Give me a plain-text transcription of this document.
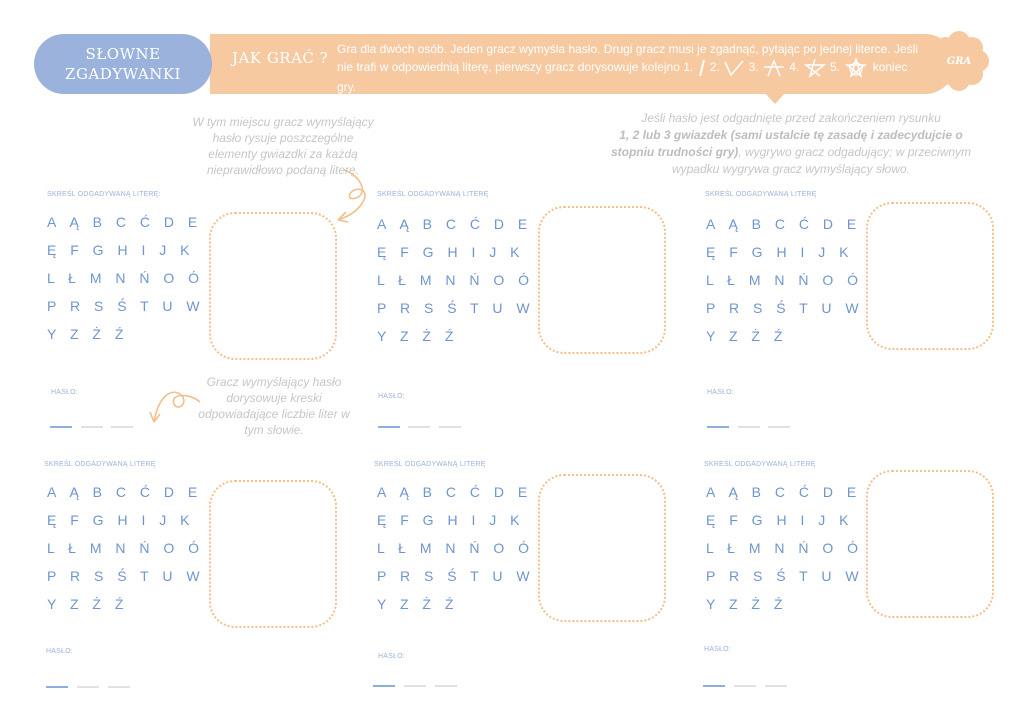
SŁOWNE
ZGADYWANKI
JAK GRAĆ ? Gra dla dwóch osób. Jeden gracz wymyśla hasło. Drugi gracz musi je zgadnąć, pytając po jednej literce. Jeśli nie trafi w odpowiednią literę, pierwszy gracz dorysowuje kolejno 1. 2. 3.	4.	5.	koniec gry.
GRA
W tym miejscu gracz wymyślający hasło rysuje poszczególne elementy gwiazdki za każdą nieprawidłowo podaną literę.
Gracz wymyślający hasło dorysowuje kreski odpowiadające liczbie liter w tym słowie.
Jeśli hasło jest odgadnięte przed zakończeniem rysunku
1, 2 lub 3 gwiazdek (sami ustalcie tę zasadę i zadecydujcie o stopniu trudności gry), wygrywo gracz odgadujący; w przeciwnym wypadku wygrywa gracz wymyślający słowo.
SKREŚL ODGADYWANĄ LITERĘ:
A Ą B C Ć D E
Ę F G H I J K
L Ł M N Ń O Ó
P R S Ś T U W
Y Z Ż Ź
HASŁO:
SKREŚL ODGADYWANĄ LITERĘ
A Ą B C Ć D E
Ę F G H I J K
L Ł M N Ń O Ó
P R S Ś T U W
Y Z Ż Ź
HASŁO:
SKREŚL ODGADYWANĄ LITERĘ
A Ą B C Ć D E
Ę F G H I J K
L Ł M N Ń O Ó
P R S Ś T U W
Y Z Ż Ź
HASŁO:
SKREŚL ODGADYWANĄ LITERĘ
A Ą B C Ć D E
Ę F G H I J K
L Ł M N Ń O Ó
P R S Ś T U W
Y Z Ż Ź
HASŁO:
SKREŚL ODGADYWANĄ LITERĘ
A Ą B C Ć D E
Ę F G H I J K
L Ł M N Ń O Ó
P R S Ś T U W
Y Z Ż Ź
HASŁO:
SKREŚL ODGADYWANĄ LITERĘ
A Ą B C Ć D E
Ę F G H I J K
L Ł M N Ń O Ó
P R S Ś T U W
Y Z Ż Ź
HASŁO:
